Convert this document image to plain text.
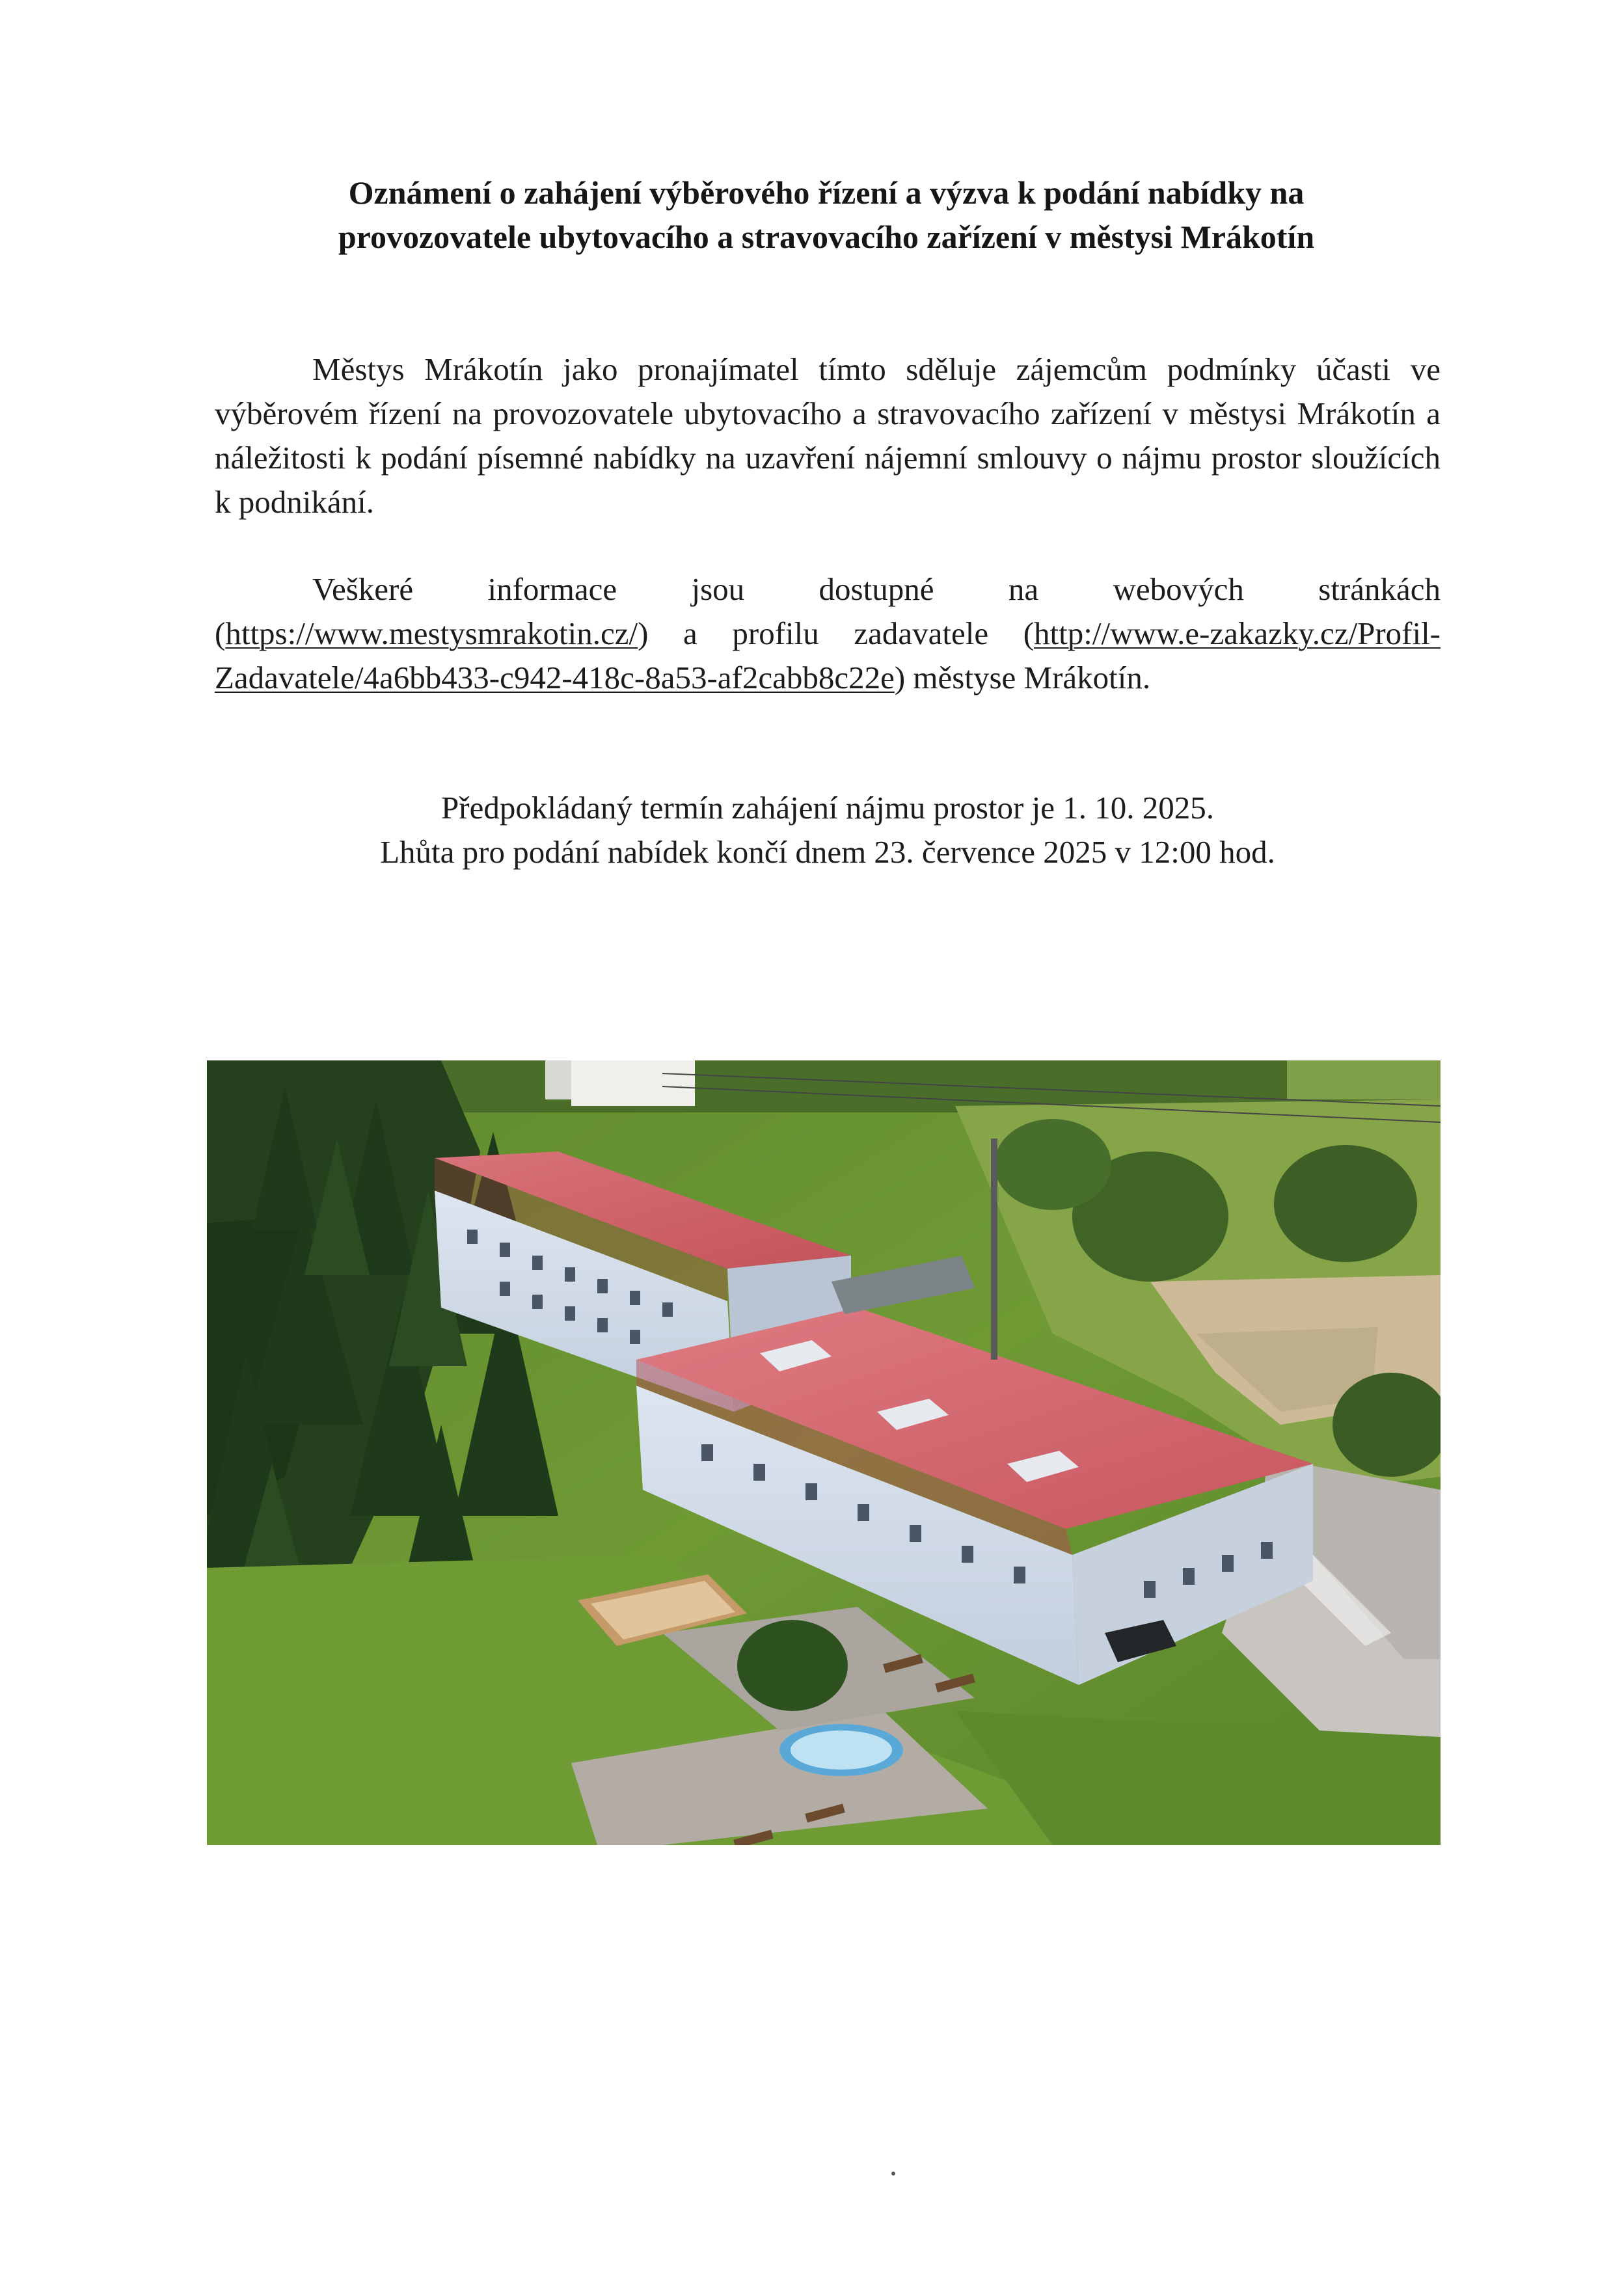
Oznámení o zahájení výběrového řízení a výzva k podání nabídky na
provozovatele ubytovacího a stravovacího zařízení v městysi Mrákotín

Městys Mrákotín jako pronajímatel tímto sděluje zájemcům podmínky účasti ve výběrovém řízení na provozovatele ubytovacího a stravovacího zařízení v městysi Mrákotín a náležitosti k podání písemné nabídky na uzavření nájemní smlouvy o nájmu prostor sloužících k podnikání.

Veškeré informace jsou dostupné na webových stránkách (https://www.mestysmrakotin.cz/) a profilu zadavatele (http://www.e-zakazky.cz/Profil-Zadavatele/4a6bb433-c942-418c-8a53-af2cabb8c22e) městyse Mrákotín.

Předpokládaný termín zahájení nájmu prostor je 1. 10. 2025.

Lhůta pro podání nabídek končí dnem 23. července 2025 v 12:00 hod.
